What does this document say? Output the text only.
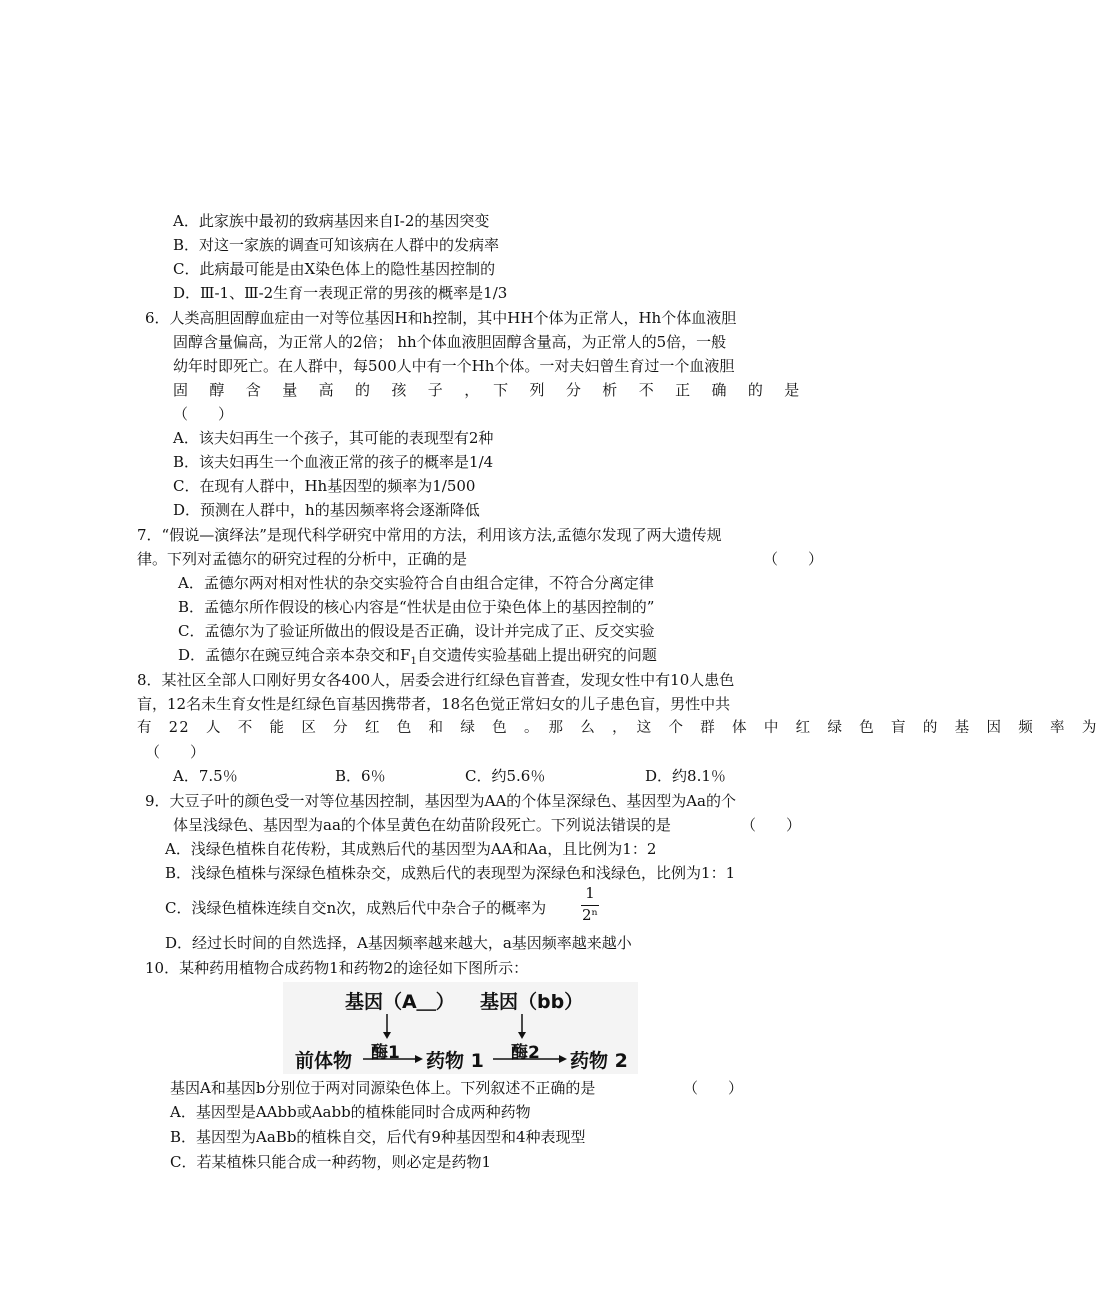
A．此家族中最初的致病基因来自Ⅰ-2的基因突变
B．对这一家族的调查可知该病在人群中的发病率
C．此病最可能是由X染色体上的隐性基因控制的
D．Ⅲ-1、Ⅲ-2生育一表现正常的男孩的概率是1/3
6．人类高胆固醇血症由一对等位基因H和h控制，其中HH个体为正常人，Hh个体血液胆
固醇含量偏高，为正常人的2倍； hh个体血液胆固醇含量高，为正常人的5倍，一般
幼年时即死亡。在人群中，每500人中有一个Hh个体。一对夫妇曾生育过一个血液胆
固　醇　含　量　高　的　孩　子　，　下　列　分　析　不　正　确　的　是
（　　）
A．该夫妇再生一个孩子，其可能的表现型有2种
B．该夫妇再生一个血液正常的孩子的概率是1/4
C．在现有人群中，Hh基因型的频率为1/500
D．预测在人群中，h的基因频率将会逐渐降低
7．“假说—演绎法”是现代科学研究中常用的方法，利用该方法,孟德尔发现了两大遗传规
律。下列对孟德尔的研究过程的分析中，正确的是	（　　）
A．孟德尔两对相对性状的杂交实验符合自由组合定律，不符合分离定律
B．孟德尔所作假设的核心内容是“性状是由位于染色体上的基因控制的”
C．孟德尔为了验证所做出的假设是否正确，设计并完成了正、反交实验
D．孟德尔在豌豆纯合亲本杂交和$F_1$自交遗传实验基础上提出研究的问题
8．某社区全部人口刚好男女各400人，居委会进行红绿色盲普查，发现女性中有10人患色
盲，12名未生育女性是红绿色盲基因携带者，18名色觉正常妇女的儿子患色盲，男性中共
有　22　人　不　能　区　分　红　色　和　绿　色　。　那　么　，　这　个　群　体　中　红　绿　色　盲　的　基　因　频　率　为
（　　）
A．7.5％	B．6％	C．约5.6％	D．约8.1％
9．大豆子叶的颜色受一对等位基因控制，基因型为AA的个体呈深绿色、基因型为Aa的个
体呈浅绿色、基因型为aa的个体呈黄色在幼苗阶段死亡。下列说法错误的是	（　　）
A．浅绿色植株自花传粉，其成熟后代的基因型为AA和Aa，且比例为1：2
B．浅绿色植株与深绿色植株杂交，成熟后代的表现型为深绿色和浅绿色，比例为1：1
C．浅绿色植株连续自交n次，成熟后代中杂合子的概率为
1
2ⁿ
D．经过长时间的自然选择，A基因频率越来越大，a基因频率越来越小
10．某种药用植物合成药物1和药物2的途径如下图所示：
基因（A＿） 基因（bb）
前体物 酶1 药物 1 酶2 药物 2
基因A和基因b分别位于两对同源染色体上。下列叙述不正确的是	（　　）
A．基因型是AAbb或Aabb的植株能同时合成两种药物
B．基因型为AaBb的植株自交，后代有9种基因型和4种表现型
C．若某植株只能合成一种药物，则必定是药物1
